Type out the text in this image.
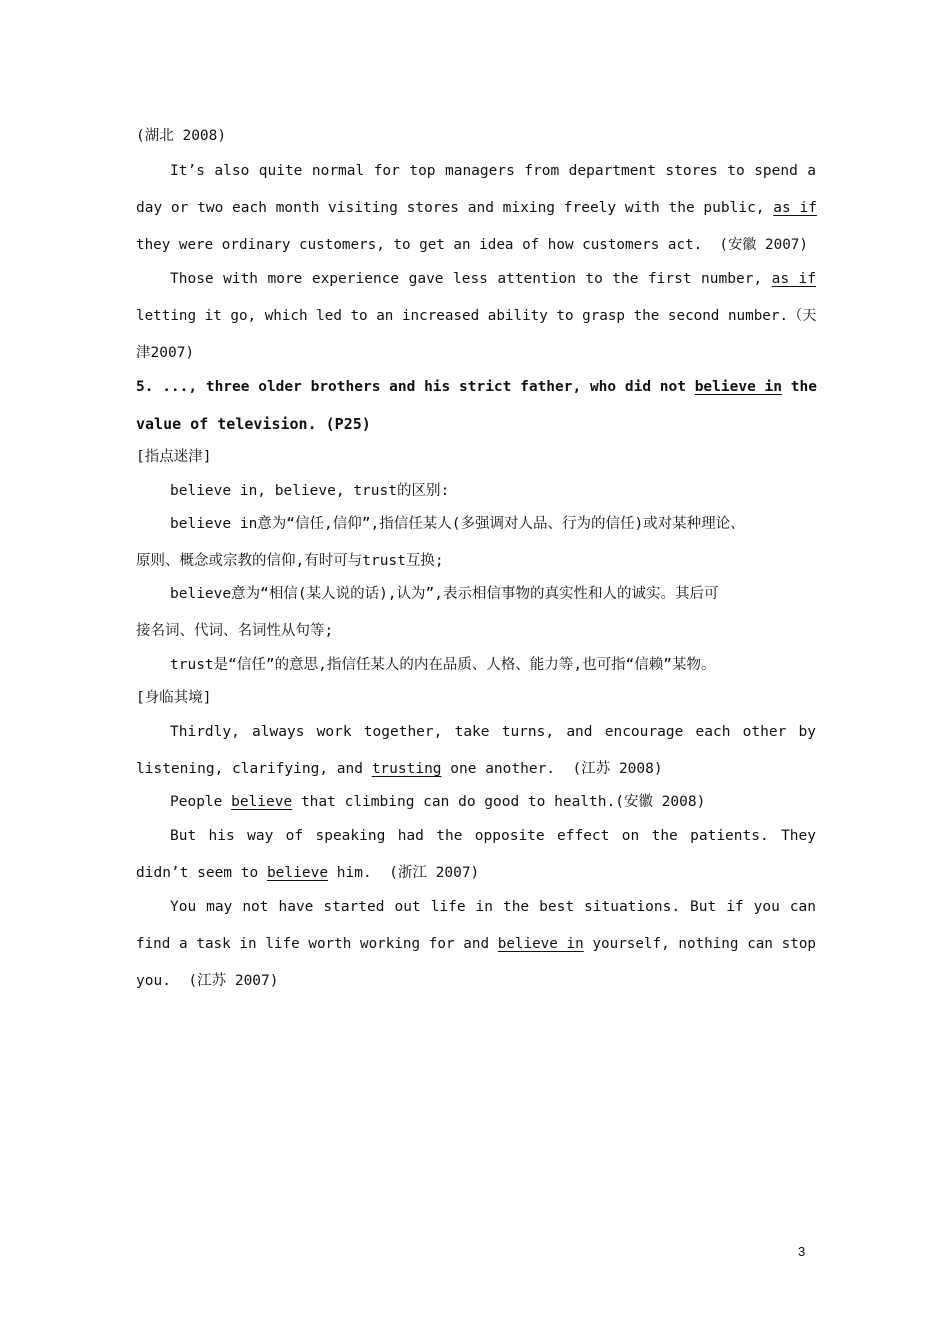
(湖北 2008)
It’s also quite normal for top managers from department stores to spend a
day or two each month visiting stores and mixing freely with the public, as if
they were ordinary customers, to get an idea of how customers act.  (安徽 2007)
Those with more experience gave less attention to the first number, as if
letting it go, which led to an increased ability to grasp the second number.（天
津2007)
5. ..., three older brothers and his strict father, who did not believe in the
value of television. (P25)
[指点迷津]
believe in, believe, trust的区别:
believe in意为“信任,信仰”,指信任某人(多强调对人品、行为的信任)或对某种理论、
原则、概念或宗教的信仰,有时可与trust互换;
believe意为“相信(某人说的话),认为”,表示相信事物的真实性和人的诚实。其后可
接名词、代词、名词性从句等;
trust是“信任”的意思,指信任某人的内在品质、人格、能力等,也可指“信赖”某物。
[身临其境]
Thirdly, always work together, take turns, and encourage each other by
listening, clarifying, and trusting one another.  (江苏 2008)
People believe that climbing can do good to health.(安徽 2008)
But his way of speaking had the opposite effect on the patients. They
didn’t seem to believe him.  (浙江 2007)
You may not have started out life in the best situations. But if you can
find a task in life worth working for and believe in yourself, nothing can stop
you.  (江苏 2007)
3
